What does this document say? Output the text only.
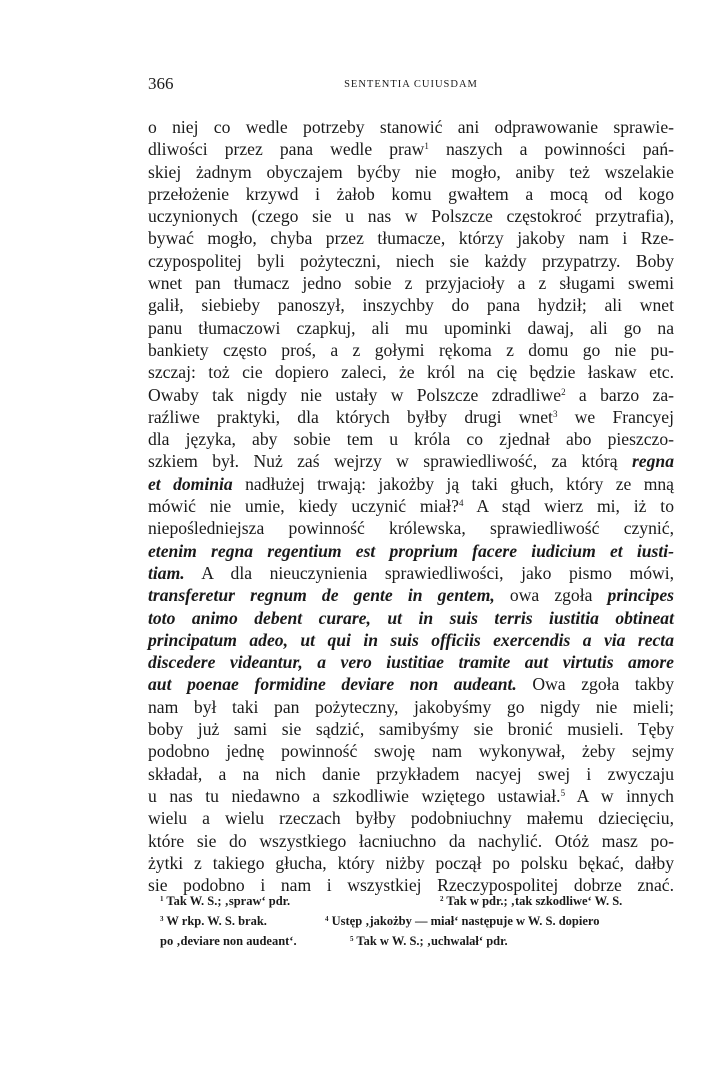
366	SENTENTIA CUIUSDAM
o niej co wedle potrzeby stanowić ani odprawowanie sprawie-
dliwości przez pana wedle praw$^1$ naszych a powinności pań-
skiej żadnym obyczajem byćby nie mogło, aniby też wszelakie
przełożenie krzywd i żałob komu gwałtem a mocą od kogo
uczynionych (czego sie u nas w Polszcze częstokroć przytrafia),
bywać mogło, chyba przez tłumacze, którzy jakoby nam i Rze-
czypospolitej byli pożyteczni, niech sie każdy przypatrzy. Boby
wnet pan tłumacz jedno sobie z przyjacioły a z sługami swemi
galił, siebieby panoszył, inszychby do pana hydził; ali wnet
panu tłumaczowi czapkuj, ali mu upominki dawaj, ali go na
bankiety często proś, a z gołymi rękoma z domu go nie pu-
szczaj: toż cie dopiero zaleci, że król na cię będzie łaskaw etc.
Owaby tak nigdy nie ustały w Polszcze zdradliwe$^2$ a barzo za-
raźliwe praktyki, dla których byłby drugi wnet$^3$ we Francyej
dla języka, aby sobie tem u króla co zjednał abo pieszczo-
szkiem był. Nuż zaś wejrzy w sprawiedliwość, za którą regna
et dominia nadłużej trwają: jakożby ją taki głuch, który ze mną
mówić nie umie, kiedy uczynić miał?$^4$ A stąd wierz mi, iż to
niepośledniejsza powinność królewska, sprawiedliwość czynić,
etenim regna regentium est proprium facere iudicium et iusti-
tiam. A dla nieuczynienia sprawiedliwości, jako pismo mówi,
transferetur regnum de gente in gentem, owa zgoła principes
toto animo debent curare, ut in suis terris iustitia obtineat
principatum adeo, ut qui in suis officiis exercendis a via recta
discedere videantur, a vero iustitiae tramite aut virtutis amore
aut poenae formidine deviare non audeant. Owa zgoła takby
nam był taki pan pożyteczny, jakobyśmy go nigdy nie mieli;
boby już sami sie sądzić, samibyśmy sie bronić musieli. Tęby
podobno jednę powinność swoję nam wykonywał, żeby sejmy
składał, a na nich danie przykładem nacyej swej i zwyczaju
u nas tu niedawno a szkodliwie wziętego ustawiał.$^5$ A w innych
wielu a wielu rzeczach byłby podobniuchny małemu dziecięciu,
które sie do wszystkiego łacniuchno da nachylić. Otóż masz po-
żytki z takiego głucha, który niżby począł po polsku bękać, dałby
sie podobno i nam i wszystkiej Rzeczypospolitej dobrze znać.
$^1$ Tak W. S.; ‚spraw‘ pdr.	$^2$ Tak w pdr.; ‚tak szkodliwe‘ W. S.
$^3$ W rkp. W. S. brak.	$^4$ Ustęp ‚jakożby — miał‘ następuje w W. S. dopiero
po ‚deviare non audeant‘.	$^5$ Tak w W. S.; ‚uchwalał‘ pdr.
